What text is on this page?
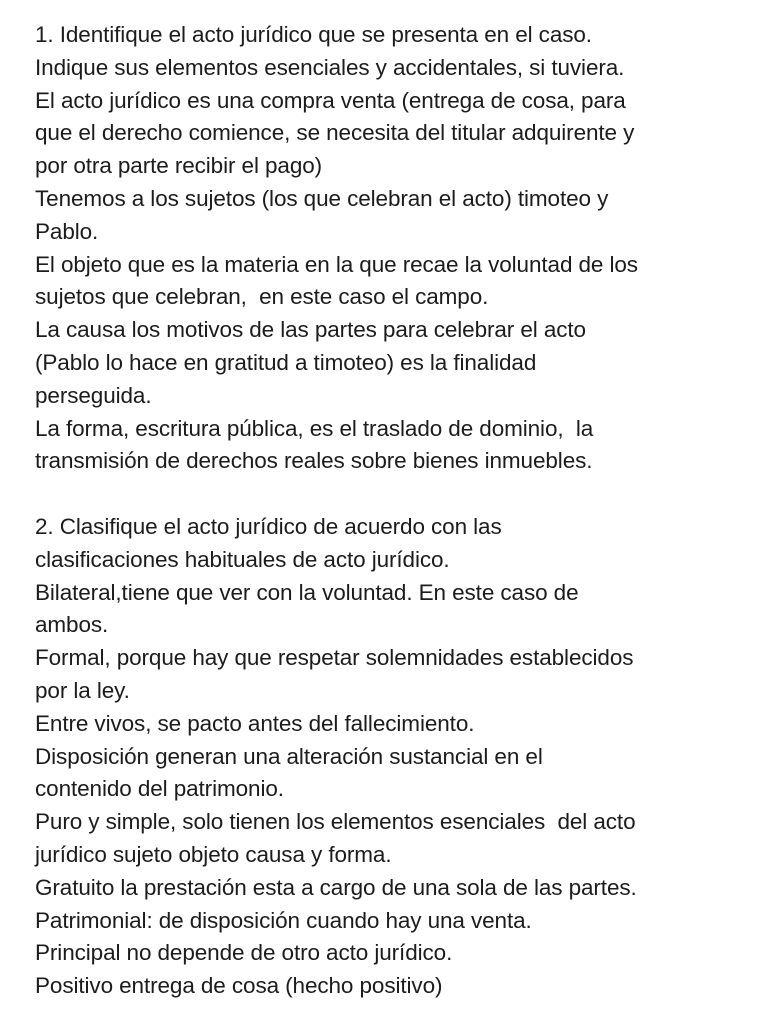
1. Identifique el acto jurídico que se presenta en el caso.
Indique sus elementos esenciales y accidentales, si tuviera.
El acto jurídico es una compra venta (entrega de cosa, para
que el derecho comience, se necesita del titular adquirente y
por otra parte recibir el pago)
Tenemos a los sujetos (los que celebran el acto) timoteo y
Pablo.
El objeto que es la materia en la que recae la voluntad de los
sujetos que celebran,  en este caso el campo.
La causa los motivos de las partes para celebrar el acto
(Pablo lo hace en gratitud a timoteo) es la finalidad
perseguida.
La forma, escritura pública, es el traslado de dominio,  la
transmisión de derechos reales sobre bienes inmuebles.
2. Clasifique el acto jurídico de acuerdo con las
clasificaciones habituales de acto jurídico.
Bilateral,tiene que ver con la voluntad. En este caso de
ambos.
Formal, porque hay que respetar solemnidades establecidos
por la ley.
Entre vivos, se pacto antes del fallecimiento.
Disposición generan una alteración sustancial en el
contenido del patrimonio.
Puro y simple, solo tienen los elementos esenciales  del acto
jurídico sujeto objeto causa y forma.
Gratuito la prestación esta a cargo de una sola de las partes.
Patrimonial: de disposición cuando hay una venta.
Principal no depende de otro acto jurídico.
Positivo entrega de cosa (hecho positivo)
